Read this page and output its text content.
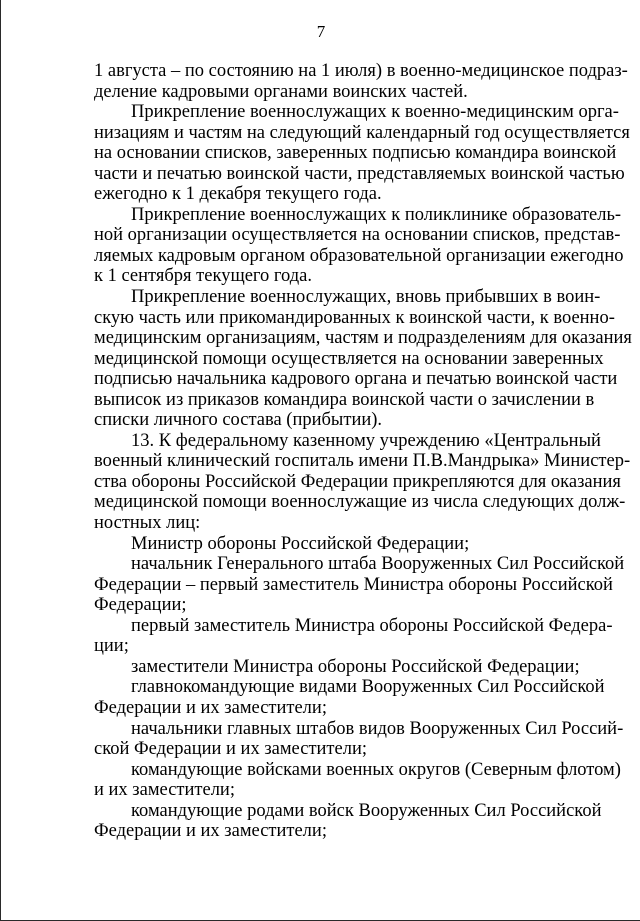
7
1 августа – по состоянию на 1 июля) в военно-медицинское подраз-
деление кадровыми органами воинских частей.
Прикрепление военнослужащих к военно-медицинским орга-
низациям и частям на следующий календарный год осуществляется
на основании списков, заверенных подписью командира воинской
части и печатью воинской части, представляемых воинской частью
ежегодно к 1 декабря текущего года.
Прикрепление военнослужащих к поликлинике образователь-
ной организации осуществляется на основании списков, представ-
ляемых кадровым органом образовательной организации ежегодно
к 1 сентября текущего года.
Прикрепление военнослужащих, вновь прибывших в воин-
скую часть или прикомандированных к воинской части, к военно-
медицинским организациям, частям и подразделениям для оказания
медицинской помощи осуществляется на основании заверенных
подписью начальника кадрового органа и печатью воинской части
выписок из приказов командира воинской части о зачислении в
списки личного состава (прибытии).
13. К федеральному казенному учреждению «Центральный
военный клинический госпиталь имени П.В.Мандрыка» Министер-
ства обороны Российской Федерации прикрепляются для оказания
медицинской помощи военнослужащие из числа следующих долж-
ностных лиц:
Министр обороны Российской Федерации;
начальник Генерального штаба Вооруженных Сил Российской
Федерации – первый заместитель Министра обороны Российской
Федерации;
первый заместитель Министра обороны Российской Федера-
ции;
заместители Министра обороны Российской Федерации;
главнокомандующие видами Вооруженных Сил Российской
Федерации и их заместители;
начальники главных штабов видов Вооруженных Сил Россий-
ской Федерации и их заместители;
командующие войсками военных округов (Северным флотом)
и их заместители;
командующие родами войск Вооруженных Сил Российской
Федерации и их заместители;
